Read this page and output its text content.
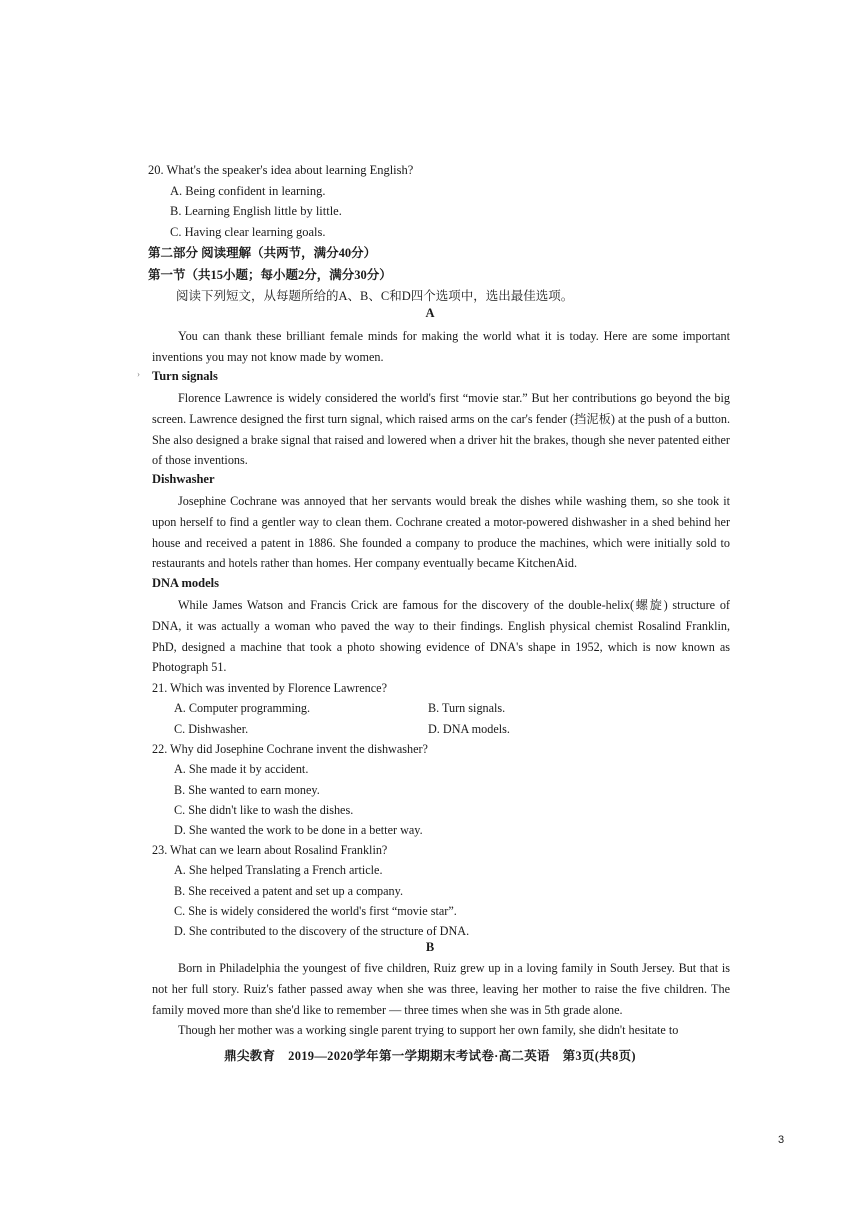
20. What's the speaker's idea about learning English?
A. Being confident in learning.
B. Learning English little by little.
C. Having clear learning goals.
第二部分 阅读理解（共两节，满分40分）
第一节（共15小题；每小题2分，满分30分）
阅读下列短文，从每题所给的A、B、C和D四个选项中，选出最佳选项。
A
You can thank these brilliant female minds for making the world what it is today. Here are some important inventions you may not know made by women.
› Turn signals
Florence Lawrence is widely considered the world's first “movie star.” But her contributions go beyond the big screen. Lawrence designed the first turn signal, which raised arms on the car's fender (挡泥板) at the push of a button. She also designed a brake signal that raised and lowered when a driver hit the brakes, though she never patented either of those inventions.
Dishwasher
Josephine Cochrane was annoyed that her servants would break the dishes while washing them, so she took it upon herself to find a gentler way to clean them. Cochrane created a motor-powered dishwasher in a shed behind her house and received a patent in 1886. She founded a company to produce the machines, which were initially sold to restaurants and hotels rather than homes. Her company eventually became KitchenAid.
DNA models
While James Watson and Francis Crick are famous for the discovery of the double-helix(螺旋) structure of DNA, it was actually a woman who paved the way to their findings. English physical chemist Rosalind Franklin, PhD, designed a machine that took a photo showing evidence of DNA's shape in 1952, which is now known as Photograph 51.
21. Which was invented by Florence Lawrence?
A. Computer programming.	B. Turn signals.
C. Dishwasher.	D. DNA models.
22. Why did Josephine Cochrane invent the dishwasher?
A. She made it by accident.
B. She wanted to earn money.
C. She didn't like to wash the dishes.
D. She wanted the work to be done in a better way.
23. What can we learn about Rosalind Franklin?
A. She helped Translating a French article.
B. She received a patent and set up a company.
C. She is widely considered the world's first “movie star”.
D. She contributed to the discovery of the structure of DNA.
B
Born in Philadelphia the youngest of five children, Ruiz grew up in a loving family in South Jersey. But that is not her full story. Ruiz's father passed away when she was three, leaving her mother to raise the five children. The family moved more than she'd like to remember — three times when she was in 5th grade alone.
Though her mother was a working single parent trying to support her own family, she didn't hesitate to
鼎尖教育　2019—2020学年第一学期期末考试卷·高二英语　第3页(共8页)
3
